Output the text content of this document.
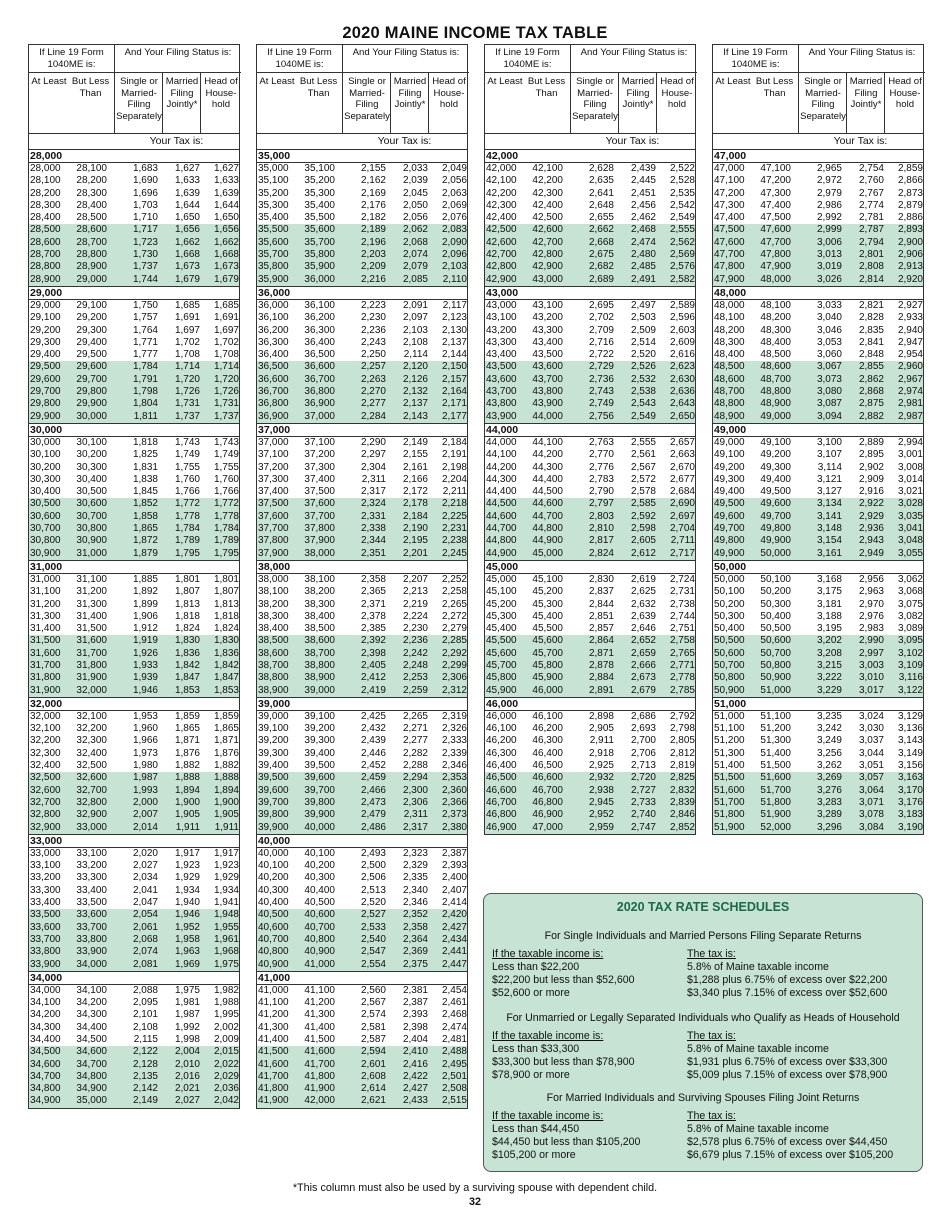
2020 MAINE INCOME TAX TABLE
If Line 19 Form 1040ME is:
And Your Filing Status is:
At Least But Less Than
Single or Married-Filing Separately
Married Filing Jointly*
Head of House-hold
Your Tax is:
28,000
28,000	28,100	1,683	1,627	1,627
28,100	28,200	1,690	1,633	1,633
28,200	28,300	1,696	1,639	1,639
28,300	28,400	1,703	1,644	1,644
28,400	28,500	1,710	1,650	1,650
28,500	28,600	1,717	1,656	1,656
28,600	28,700	1,723	1,662	1,662
28,700	28,800	1,730	1,668	1,668
28,800	28,900	1,737	1,673	1,673
28,900	29,000	1,744	1,679	1,679
29,000
29,000	29,100	1,750	1,685	1,685
29,100	29,200	1,757	1,691	1,691
29,200	29,300	1,764	1,697	1,697
29,300	29,400	1,771	1,702	1,702
29,400	29,500	1,777	1,708	1,708
29,500	29,600	1,784	1,714	1,714
29,600	29,700	1,791	1,720	1,720
29,700	29,800	1,798	1,726	1,726
29,800	29,900	1,804	1,731	1,731
29,900	30,000	1,811	1,737	1,737
30,000
30,000	30,100	1,818	1,743	1,743
30,100	30,200	1,825	1,749	1,749
30,200	30,300	1,831	1,755	1,755
30,300	30,400	1,838	1,760	1,760
30,400	30,500	1,845	1,766	1,766
30,500	30,600	1,852	1,772	1,772
30,600	30,700	1,858	1,778	1,778
30,700	30,800	1,865	1,784	1,784
30,800	30,900	1,872	1,789	1,789
30,900	31,000	1,879	1,795	1,795
31,000
31,000	31,100	1,885	1,801	1,801
31,100	31,200	1,892	1,807	1,807
31,200	31,300	1,899	1,813	1,813
31,300	31,400	1,906	1,818	1,818
31,400	31,500	1,912	1,824	1,824
31,500	31,600	1,919	1,830	1,830
31,600	31,700	1,926	1,836	1,836
31,700	31,800	1,933	1,842	1,842
31,800	31,900	1,939	1,847	1,847
31,900	32,000	1,946	1,853	1,853
32,000
32,000	32,100	1,953	1,859	1,859
32,100	32,200	1,960	1,865	1,865
32,200	32,300	1,966	1,871	1,871
32,300	32,400	1,973	1,876	1,876
32,400	32,500	1,980	1,882	1,882
32,500	32,600	1,987	1,888	1,888
32,600	32,700	1,993	1,894	1,894
32,700	32,800	2,000	1,900	1,900
32,800	32,900	2,007	1,905	1,905
32,900	33,000	2,014	1,911	1,911
33,000
33,000	33,100	2,020	1,917	1,917
33,100	33,200	2,027	1,923	1,923
33,200	33,300	2,034	1,929	1,929
33,300	33,400	2,041	1,934	1,934
33,400	33,500	2,047	1,940	1,941
33,500	33,600	2,054	1,946	1,948
33,600	33,700	2,061	1,952	1,955
33,700	33,800	2,068	1,958	1,961
33,800	33,900	2,074	1,963	1,968
33,900	34,000	2,081	1,969	1,975
34,000
34,000	34,100	2,088	1,975	1,982
34,100	34,200	2,095	1,981	1,988
34,200	34,300	2,101	1,987	1,995
34,300	34,400	2,108	1,992	2,002
34,400	34,500	2,115	1,998	2,009
34,500	34,600	2,122	2,004	2,015
34,600	34,700	2,128	2,010	2,022
34,700	34,800	2,135	2,016	2,029
34,800	34,900	2,142	2,021	2,036
34,900	35,000	2,149	2,027	2,042
If Line 19 Form 1040ME is:
And Your Filing Status is:
At Least But Less Than
Single or Married-Filing Separately
Married Filing Jointly*
Head of House-hold
Your Tax is:
35,000
35,000	35,100	2,155	2,033	2,049
35,100	35,200	2,162	2,039	2,056
35,200	35,300	2,169	2,045	2,063
35,300	35,400	2,176	2,050	2,069
35,400	35,500	2,182	2,056	2,076
35,500	35,600	2,189	2,062	2,083
35,600	35,700	2,196	2,068	2,090
35,700	35,800	2,203	2,074	2,096
35,800	35,900	2,209	2,079	2,103
35,900	36,000	2,216	2,085	2,110
36,000
36,000	36,100	2,223	2,091	2,117
36,100	36,200	2,230	2,097	2,123
36,200	36,300	2,236	2,103	2,130
36,300	36,400	2,243	2,108	2,137
36,400	36,500	2,250	2,114	2,144
36,500	36,600	2,257	2,120	2,150
36,600	36,700	2,263	2,126	2,157
36,700	36,800	2,270	2,132	2,164
36,800	36,900	2,277	2,137	2,171
36,900	37,000	2,284	2,143	2,177
37,000
37,000	37,100	2,290	2,149	2,184
37,100	37,200	2,297	2,155	2,191
37,200	37,300	2,304	2,161	2,198
37,300	37,400	2,311	2,166	2,204
37,400	37,500	2,317	2,172	2,211
37,500	37,600	2,324	2,178	2,218
37,600	37,700	2,331	2,184	2,225
37,700	37,800	2,338	2,190	2,231
37,800	37,900	2,344	2,195	2,238
37,900	38,000	2,351	2,201	2,245
38,000
38,000	38,100	2,358	2,207	2,252
38,100	38,200	2,365	2,213	2,258
38,200	38,300	2,371	2,219	2,265
38,300	38,400	2,378	2,224	2,272
38,400	38,500	2,385	2,230	2,279
38,500	38,600	2,392	2,236	2,285
38,600	38,700	2,398	2,242	2,292
38,700	38,800	2,405	2,248	2,299
38,800	38,900	2,412	2,253	2,306
38,900	39,000	2,419	2,259	2,312
39,000
39,000	39,100	2,425	2,265	2,319
39,100	39,200	2,432	2,271	2,326
39,200	39,300	2,439	2,277	2,333
39,300	39,400	2,446	2,282	2,339
39,400	39,500	2,452	2,288	2,346
39,500	39,600	2,459	2,294	2,353
39,600	39,700	2,466	2,300	2,360
39,700	39,800	2,473	2,306	2,366
39,800	39,900	2,479	2,311	2,373
39,900	40,000	2,486	2,317	2,380
40,000
40,000	40,100	2,493	2,323	2,387
40,100	40,200	2,500	2,329	2,393
40,200	40,300	2,506	2,335	2,400
40,300	40,400	2,513	2,340	2,407
40,400	40,500	2,520	2,346	2,414
40,500	40,600	2,527	2,352	2,420
40,600	40,700	2,533	2,358	2,427
40,700	40,800	2,540	2,364	2,434
40,800	40,900	2,547	2,369	2,441
40,900	41,000	2,554	2,375	2,447
41,000
41,000	41,100	2,560	2,381	2,454
41,100	41,200	2,567	2,387	2,461
41,200	41,300	2,574	2,393	2,468
41,300	41,400	2,581	2,398	2,474
41,400	41,500	2,587	2,404	2,481
41,500	41,600	2,594	2,410	2,488
41,600	41,700	2,601	2,416	2,495
41,700	41,800	2,608	2,422	2,501
41,800	41,900	2,614	2,427	2,508
41,900	42,000	2,621	2,433	2,515
If Line 19 Form 1040ME is:
And Your Filing Status is:
At Least But Less Than
Single or Married-Filing Separately
Married Filing Jointly*
Head of House-hold
Your Tax is:
42,000
42,000	42,100	2,628	2,439	2,522
42,100	42,200	2,635	2,445	2,528
42,200	42,300	2,641	2,451	2,535
42,300	42,400	2,648	2,456	2,542
42,400	42,500	2,655	2,462	2,549
42,500	42,600	2,662	2,468	2,555
42,600	42,700	2,668	2,474	2,562
42,700	42,800	2,675	2,480	2,569
42,800	42,900	2,682	2,485	2,576
42,900	43,000	2,689	2,491	2,582
43,000
43,000	43,100	2,695	2,497	2,589
43,100	43,200	2,702	2,503	2,596
43,200	43,300	2,709	2,509	2,603
43,300	43,400	2,716	2,514	2,609
43,400	43,500	2,722	2,520	2,616
43,500	43,600	2,729	2,526	2,623
43,600	43,700	2,736	2,532	2,630
43,700	43,800	2,743	2,538	2,636
43,800	43,900	2,749	2,543	2,643
43,900	44,000	2,756	2,549	2,650
44,000
44,000	44,100	2,763	2,555	2,657
44,100	44,200	2,770	2,561	2,663
44,200	44,300	2,776	2,567	2,670
44,300	44,400	2,783	2,572	2,677
44,400	44,500	2,790	2,578	2,684
44,500	44,600	2,797	2,585	2,690
44,600	44,700	2,803	2,592	2,697
44,700	44,800	2,810	2,598	2,704
44,800	44,900	2,817	2,605	2,711
44,900	45,000	2,824	2,612	2,717
45,000
45,000	45,100	2,830	2,619	2,724
45,100	45,200	2,837	2,625	2,731
45,200	45,300	2,844	2,632	2,738
45,300	45,400	2,851	2,639	2,744
45,400	45,500	2,857	2,646	2,751
45,500	45,600	2,864	2,652	2,758
45,600	45,700	2,871	2,659	2,765
45,700	45,800	2,878	2,666	2,771
45,800	45,900	2,884	2,673	2,778
45,900	46,000	2,891	2,679	2,785
46,000
46,000	46,100	2,898	2,686	2,792
46,100	46,200	2,905	2,693	2,798
46,200	46,300	2,911	2,700	2,805
46,300	46,400	2,918	2,706	2,812
46,400	46,500	2,925	2,713	2,819
46,500	46,600	2,932	2,720	2,825
46,600	46,700	2,938	2,727	2,832
46,700	46,800	2,945	2,733	2,839
46,800	46,900	2,952	2,740	2,846
46,900	47,000	2,959	2,747	2,852
If Line 19 Form 1040ME is:
And Your Filing Status is:
At Least But Less Than
Single or Married-Filing Separately
Married Filing Jointly*
Head of House-hold
Your Tax is:
47,000
47,000	47,100	2,965	2,754	2,859
47,100	47,200	2,972	2,760	2,866
47,200	47,300	2,979	2,767	2,873
47,300	47,400	2,986	2,774	2,879
47,400	47,500	2,992	2,781	2,886
47,500	47,600	2,999	2,787	2,893
47,600	47,700	3,006	2,794	2,900
47,700	47,800	3,013	2,801	2,906
47,800	47,900	3,019	2,808	2,913
47,900	48,000	3,026	2,814	2,920
48,000
48,000	48,100	3,033	2,821	2,927
48,100	48,200	3,040	2,828	2,933
48,200	48,300	3,046	2,835	2,940
48,300	48,400	3,053	2,841	2,947
48,400	48,500	3,060	2,848	2,954
48,500	48,600	3,067	2,855	2,960
48,600	48,700	3,073	2,862	2,967
48,700	48,800	3,080	2,868	2,974
48,800	48,900	3,087	2,875	2,981
48,900	49,000	3,094	2,882	2,987
49,000
49,000	49,100	3,100	2,889	2,994
49,100	49,200	3,107	2,895	3,001
49,200	49,300	3,114	2,902	3,008
49,300	49,400	3,121	2,909	3,014
49,400	49,500	3,127	2,916	3,021
49,500	49,600	3,134	2,922	3,028
49,600	49,700	3,141	2,929	3,035
49,700	49,800	3,148	2,936	3,041
49,800	49,900	3,154	2,943	3,048
49,900	50,000	3,161	2,949	3,055
50,000
50,000	50,100	3,168	2,956	3,062
50,100	50,200	3,175	2,963	3,068
50,200	50,300	3,181	2,970	3,075
50,300	50,400	3,188	2,976	3,082
50,400	50,500	3,195	2,983	3,089
50,500	50,600	3,202	2,990	3,095
50,600	50,700	3,208	2,997	3,102
50,700	50,800	3,215	3,003	3,109
50,800	50,900	3,222	3,010	3,116
50,900	51,000	3,229	3,017	3,122
51,000
51,000	51,100	3,235	3,024	3,129
51,100	51,200	3,242	3,030	3,136
51,200	51,300	3,249	3,037	3,143
51,300	51,400	3,256	3,044	3,149
51,400	51,500	3,262	3,051	3,156
51,500	51,600	3,269	3,057	3,163
51,600	51,700	3,276	3,064	3,170
51,700	51,800	3,283	3,071	3,176
51,800	51,900	3,289	3,078	3,183
51,900	52,000	3,296	3,084	3,190
2020 TAX RATE SCHEDULES
For Single Individuals and Married Persons Filing Separate Returns
If the taxable income is:	The tax is:
Less than $22,200	5.8% of Maine taxable income
$22,200 but less than $52,600	$1,288 plus 6.75% of excess over $22,200
$52,600 or more	$3,340 plus 7.15% of excess over $52,600
For Unmarried or Legally Separated Individuals who Qualify as Heads of Household
If the taxable income is:	The tax is:
Less than $33,300	5.8% of Maine taxable income
$33,300 but less than $78,900	$1,931 plus 6.75% of excess over $33,300
$78,900 or more	$5,009 plus 7.15% of excess over $78,900
For Married Individuals and Surviving Spouses Filing Joint Returns
If the taxable income is:	The tax is:
Less than $44,450	5.8% of Maine taxable income
$44,450 but less than $105,200	$2,578 plus 6.75% of excess over $44,450
$105,200 or more	$6,679 plus 7.15% of excess over $105,200
*This column must also be used by a surviving spouse with dependent child.
32
